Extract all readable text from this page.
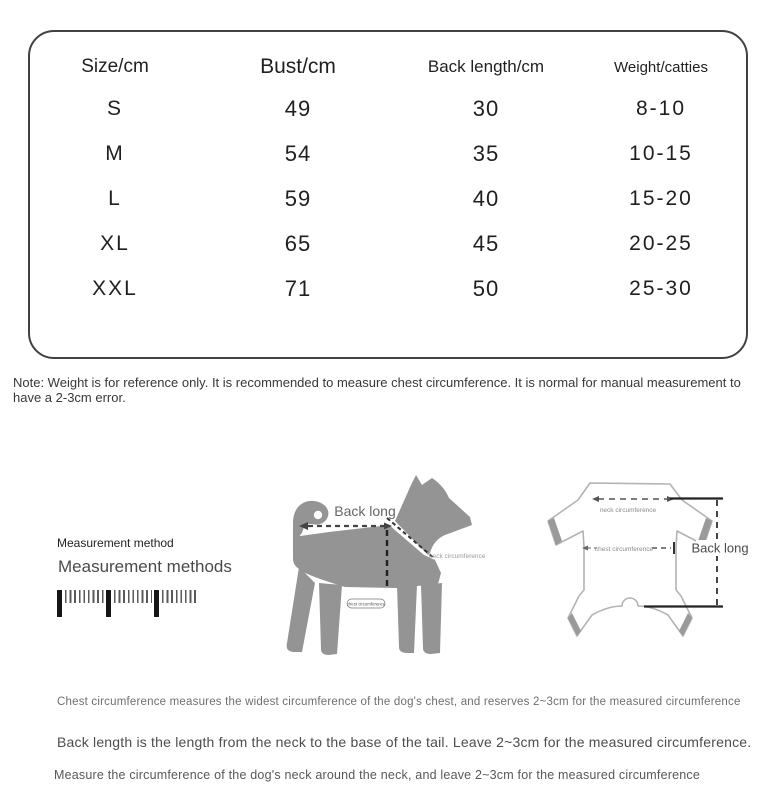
Size/cm	Bust/cm	Back length/cm	Weight/catties
S	49	30	8-10
M	54	35	10-15
L	59	40	15-20
XL	65	45	20-25
XXL	71	50	25-30
Note: Weight is for reference only. It is recommended to measure chest circumference. It is normal for manual measurement to have a 2-3cm error.
Measurement method
Measurement methods
Back long
neck circumference
chest circumference
neck circumference
chest circumference	Back long
Chest circumference measures the widest circumference of the dog's chest, and reserves 2~3cm for the measured circumference
Back length is the length from the neck to the base of the tail. Leave 2~3cm for the measured circumference.
Measure the circumference of the dog's neck around the neck, and leave 2~3cm for the measured circumference
